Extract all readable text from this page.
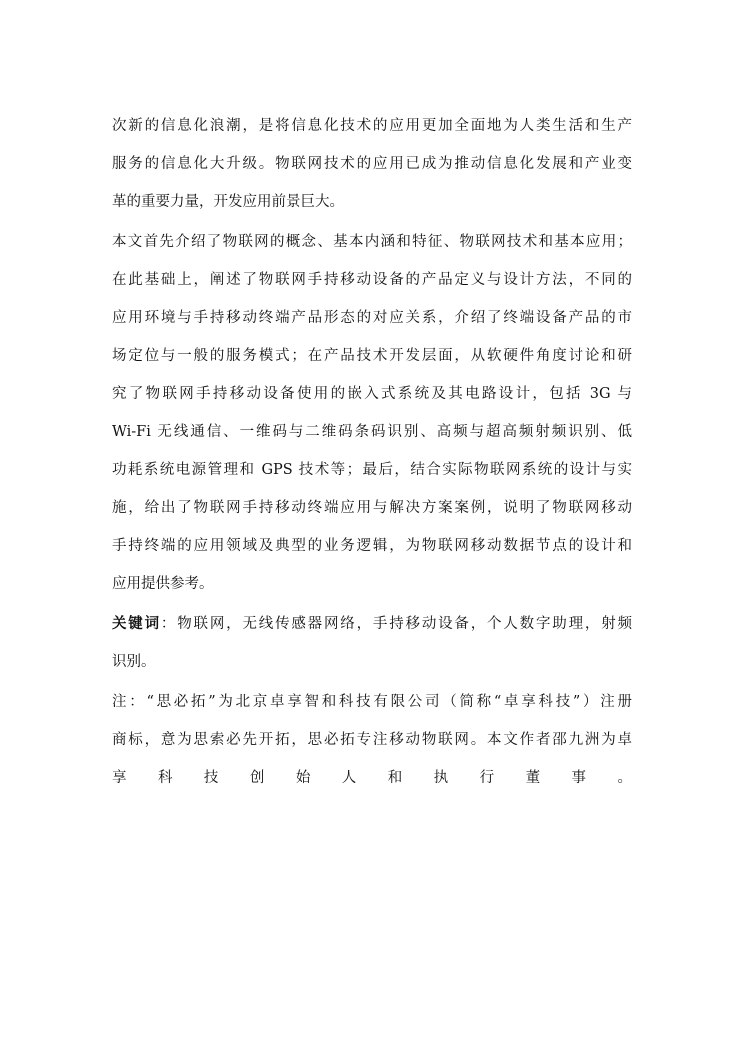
次新的信息化浪潮，是将信息化技术的应用更加全面地为人类生活和生产
服务的信息化大升级。物联网技术的应用已成为推动信息化发展和产业变
革的重要力量，开发应用前景巨大。
本文首先介绍了物联网的概念、基本内涵和特征、物联网技术和基本应用；
在此基础上，阐述了物联网手持移动设备的产品定义与设计方法，不同的
应用环境与手持移动终端产品形态的对应关系，介绍了终端设备产品的市
场定位与一般的服务模式；在产品技术开发层面，从软硬件角度讨论和研
究了物联网手持移动设备使用的嵌入式系统及其电路设计，包括 3G 与
Wi-Fi 无线通信、一维码与二维码条码识别、高频与超高频射频识别、低
功耗系统电源管理和 GPS 技术等；最后，结合实际物联网系统的设计与实
施，给出了物联网手持移动终端应用与解决方案案例，说明了物联网移动
手持终端的应用领域及典型的业务逻辑，为物联网移动数据节点的设计和
应用提供参考。
关键词：物联网，无线传感器网络，手持移动设备，个人数字助理，射频
识别。
注：“思必拓”为北京卓享智和科技有限公司（简称“卓享科技”）注册
商标，意为思索必先开拓，思必拓专注移动物联网。本文作者邵九洲为卓
享 科 技 创 始 人 和 执 行 董 事 。
